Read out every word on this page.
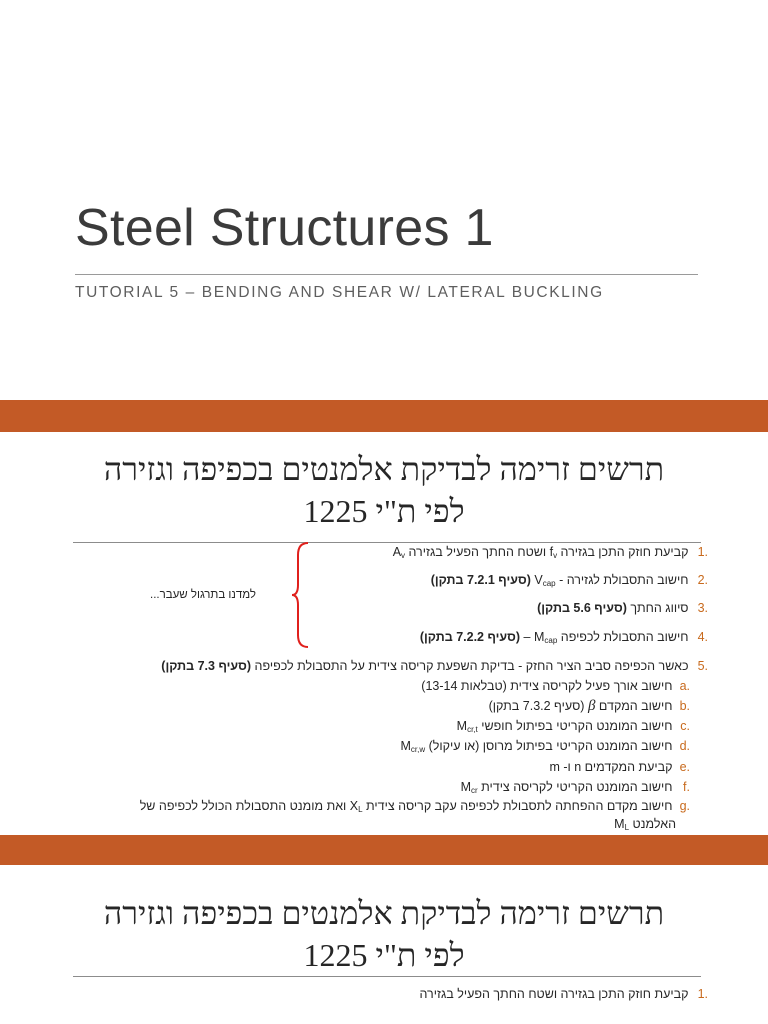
Steel Structures 1
TUTORIAL 5 – BENDING AND SHEAR W/ LATERAL BUCKLING
תרשים זרימה לבדיקת אלמנטים בכפיפה וגזירה
לפי ת"י 1225
למדנו בתרגול שעבר...
.1 קביעת חוזק התכן בגזירה $f_v$ ושטח החתך הפעיל בגזירה $A_v$
.2 חישוב התסבולת לגזירה - $V_{cap}$ (סעיף 7.2.1 בתקן)
.3 סיווג החתך (סעיף 5.6 בתקן)
.4 חישוב התסבולת לכפיפה $M_{cap}$ – (סעיף 7.2.2 בתקן)
.5 כאשר הכפיפה סביב הציר החזק - בדיקת השפעת קריסה צידית על התסבולת לכפיפה (סעיף 7.3 בתקן)
.a חישוב אורך פעיל לקריסה צידית (טבלאות 13-14)
.b חישוב המקדם β (סעיף 7.3.2 בתקן)
.c חישוב המומנט הקריטי בפיתול חופשי $M_{cr,t}$
.d חישוב המומנט הקריטי בפיתול מרוסן (או עיקול) $M_{cr,w}$
.e קביעת המקדמים n ו- m
.f חישוב המומנט הקריטי לקריסה צידית $M_{cr}$
.g חישוב מקדם ההפחתה לתסבולת לכפיפה עקב קריסה צידית $X_L$ ואת מומנט התסבולת הכולל לכפיפה של
האלמנט $M_L$
תרשים זרימה לבדיקת אלמנטים בכפיפה וגזירה
לפי ת"י 1225
.1 קביעת חוזק התכן בגזירה ושטח החתך הפעיל בגזירה
